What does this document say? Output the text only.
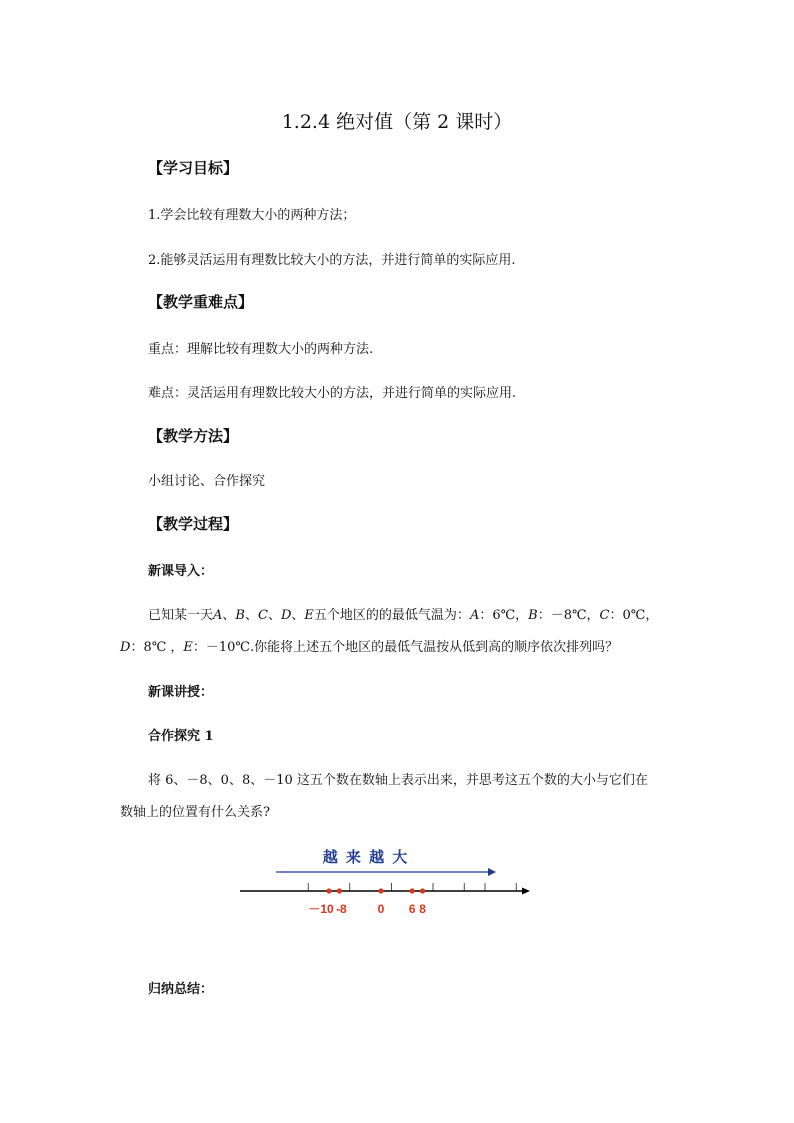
1.2.4 绝对值（第 2 课时）
【学习目标】
1.学会比较有理数大小的两种方法；
2.能够灵活运用有理数比较大小的方法，并进行简单的实际应用.
【教学重难点】
重点：理解比较有理数大小的两种方法.
难点：灵活运用有理数比较大小的方法，并进行简单的实际应用.
【教学方法】
小组讨论、合作探究
【教学过程】
新课导入：
已知某一天A、B、C、D、E五个地区的的最低气温为：A：6℃，B：－8℃，C：0℃，
D：8℃ ，E：－10℃.你能将上述五个地区的最低气温按从低到高的顺序依次排列吗？
新课讲授：
合作探究 1
将 6、－8、0、8、－10 这五个数在数轴上表示出来，并思考这五个数的大小与它们在
数轴上的位置有什么关系?
越 来 越 大
－10 -8	0 6 8
归纳总结：
